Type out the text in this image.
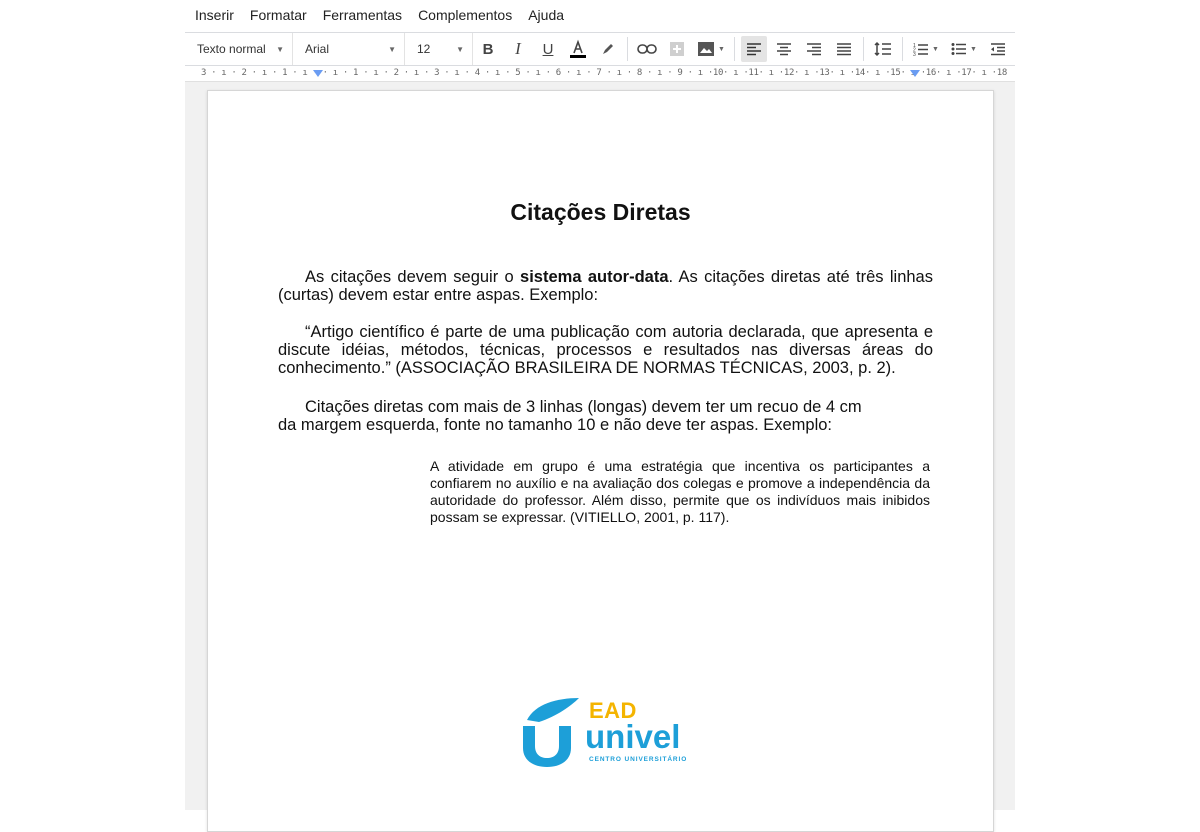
Inserir Formatar Ferramentas Complementos Ajuda
Texto normal ▼ Arial	▼ 12	▼ B I U	▼	1
2
3
▼	▼
3 · ı · 2 · ı · 1 · ı · · ı · 1 · ı · 2 · ı · 3 · ı · 4 · ı · 5 · ı · 6 · ı · 7 · ı · 8 · ı · 9 · ı ·10· ı ·11· ı ·12· ı ·13· ı ·14· ı ·15· ı ·16· ı ·17· ı ·18
Citações Diretas
As citações devem seguir o sistema autor-data. As citações diretas até três linhas (curtas) devem estar entre aspas. Exemplo:
“Artigo científico é parte de uma publicação com autoria declarada, que apresenta e discute idéias, métodos, técnicas, processos e resultados nas diversas áreas do conhecimento.” (ASSOCIAÇÃO BRASILEIRA DE NORMAS TÉCNICAS, 2003, p. 2).
Citações diretas com mais de 3 linhas (longas) devem ter um recuo de 4 cm
da margem esquerda, fonte no tamanho 10 e não deve ter aspas. Exemplo:
A atividade em grupo é uma estratégia que incentiva os participantes a confiarem no auxílio e na avaliação dos colegas e promove a independência da autoridade do professor. Além disso, permite que os indivíduos mais inibidos possam se expressar. (VITIELLO, 2001, p. 117).
EAD
univel
CENTRO UNIVERSITÁRIO
